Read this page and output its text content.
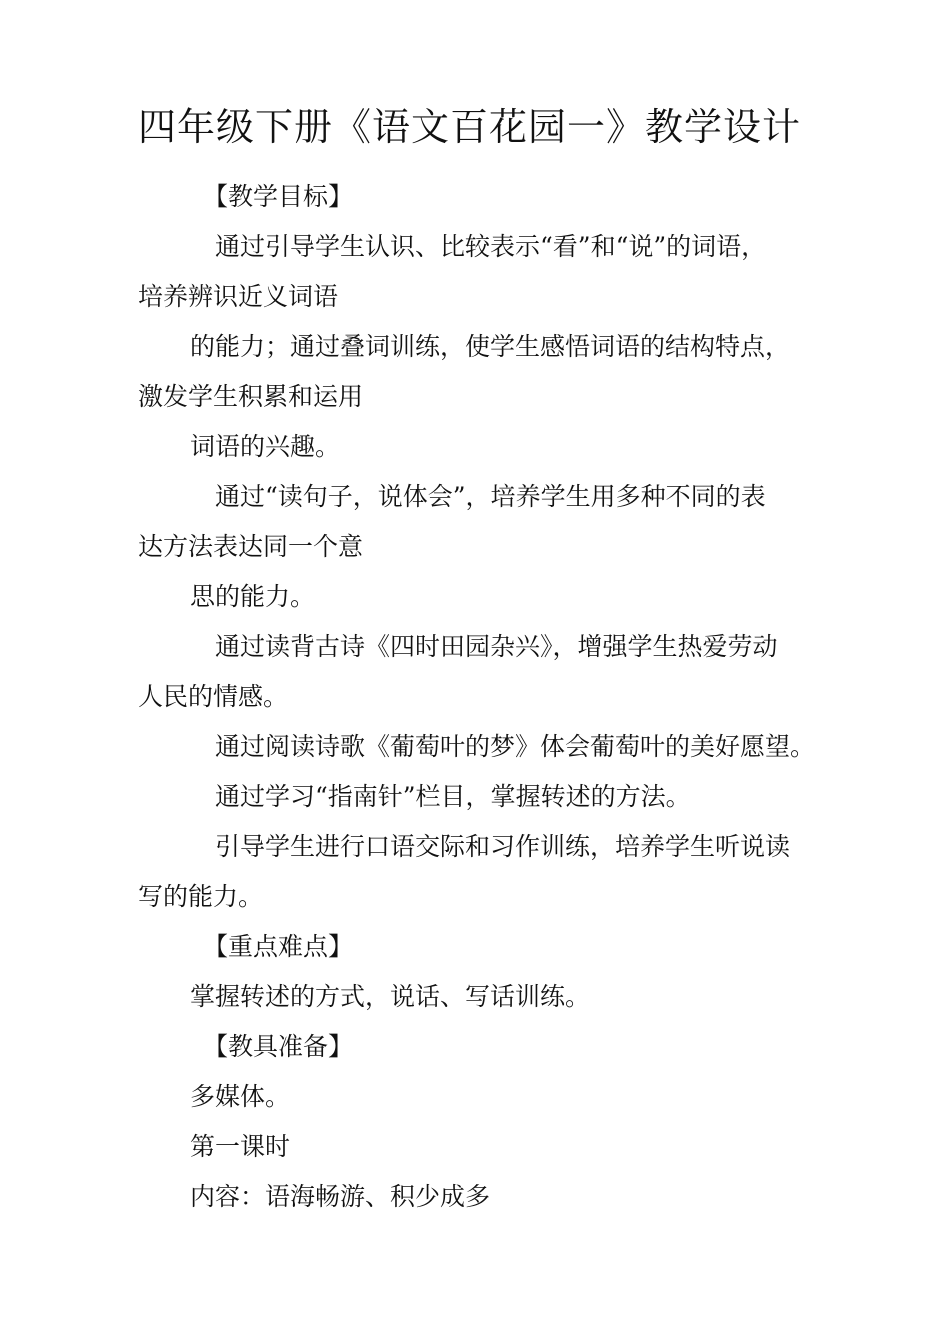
四年级下册《语文百花园一》教学设计
【教学目标】
通过引导学生认识、比较表示“看”和“说”的词语，
培养辨识近义词语
的能力；通过叠词训练，使学生感悟词语的结构特点，
激发学生积累和运用
词语的兴趣。
通过“读句子，说体会”，培养学生用多种不同的表
达方法表达同一个意
思的能力。
通过读背古诗《四时田园杂兴》，增强学生热爱劳动
人民的情感。
通过阅读诗歌《葡萄叶的梦》体会葡萄叶的美好愿望。
通过学习“指南针”栏目，掌握转述的方法。
引导学生进行口语交际和习作训练，培养学生听说读
写的能力。
【重点难点】
掌握转述的方式，说话、写话训练。
【教具准备】
多媒体。
第一课时
内容：语海畅游、积少成多
